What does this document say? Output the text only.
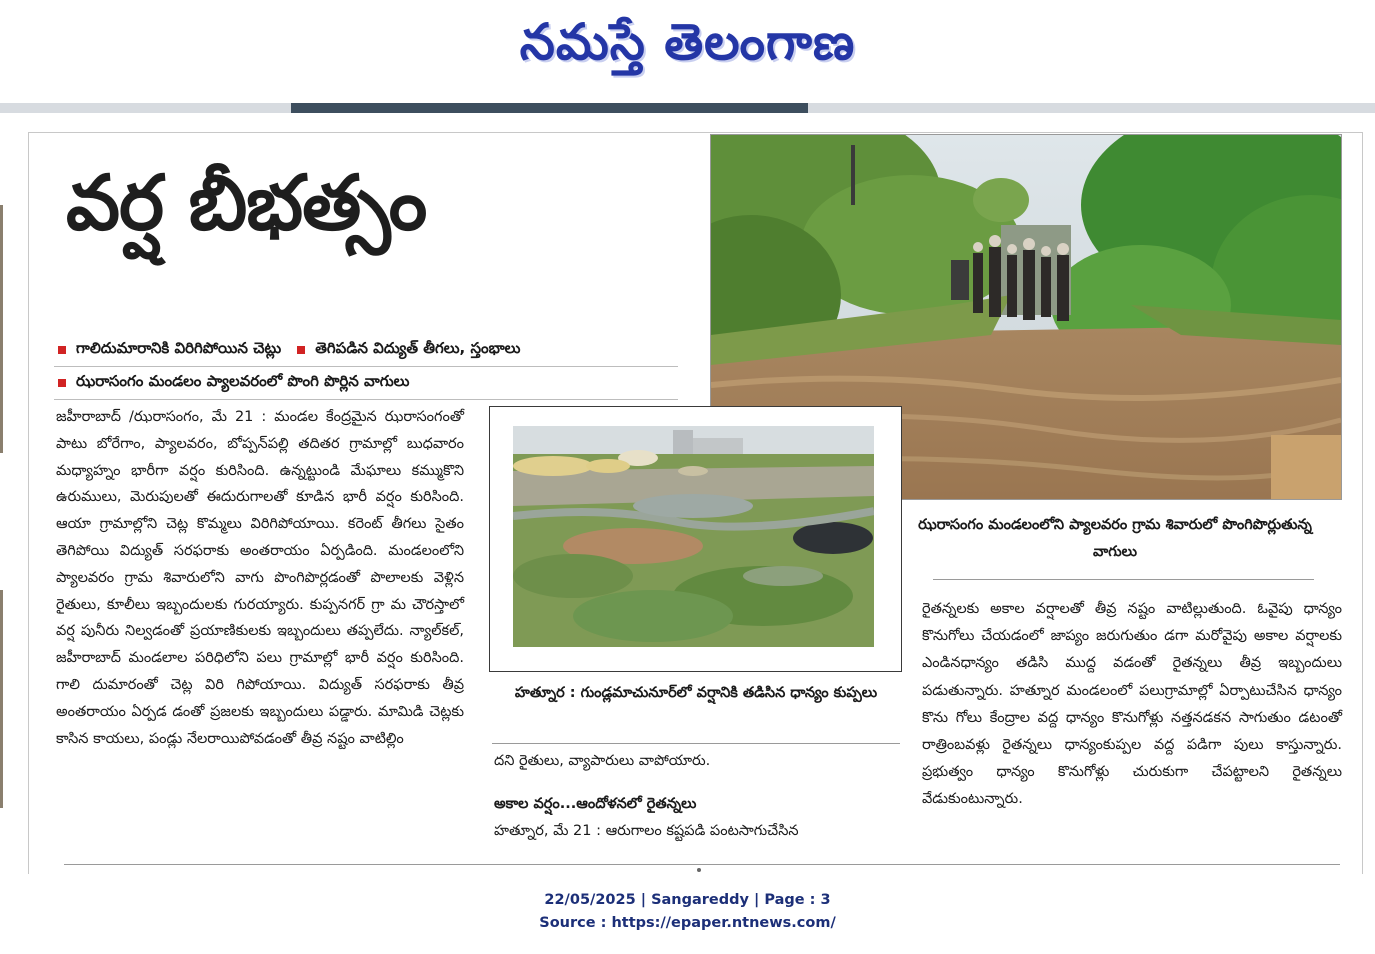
నమస్తే తెలంగాణ
వర్ష బీభత్సం
గాలిదుమారానికి విరిగిపోయిన చెట్లు తెగిపడిన విద్యుత్‌ తీగలు, స్తంభాలు
ఝరాసంగం మండలం ప్యాలవరంలో పొంగి పొర్లిన వాగులు

జహీరాబాద్‌ /ఝరాసంగం, మే 21 : మండల కేంద్రమైన ఝరాసంగంతో పాటు బోరేగాం, ప్యాలవరం, బోప్పన్‌పల్లి తదితర గ్రామాల్లో బుధవారం మధ్యాహ్నం భారీగా వర్షం కురిసింది. ఉన్నట్టుండి మేఘాలు కమ్ముకొని ఉరుములు, మెరుపులతో ఈదురుగాలతో కూడిన భారీ వర్షం కురిసింది. ఆయా గ్రామాల్లోని చెట్ల కొమ్మలు విరిగిపోయాయి. కరెంట్‌ తీగలు సైతం తెగిపోయి విద్యుత్‌ సరఫరాకు అంతరాయం ఏర్పడింది. మండలంలోని ప్యాలవరం గ్రామ శివారులోని వాగు పొంగిపొర్లడంతో పొలాలకు వెళ్లిన రైతులు, కూలీలు ఇబ్బందులకు గురయ్యారు. కుప్పనగర్‌ గ్రా మ చౌరస్తాలో వర్ష పునీరు నిల్వడంతో ప్రయాణికులకు ఇబ్బందులు తప్పలేదు. న్యాల్‌కల్‌, జహీరాబాద్‌ మండలాల పరిధిలోని పలు గ్రామాల్లో భారీ వర్షం కురిసింది. గాలి దుమారంతో చెట్ల విరి గిపోయాయి. విద్యుత్‌ సరఫరాకు తీవ్ర అంతరాయం ఏర్పడ డంతో ప్రజలకు ఇబ్బందులు పడ్డారు. మామిడి చెట్లకు కాసిన కాయలు, పండ్లు నేలరాయిపోవడంతో తీవ్ర నష్టం వాటిల్లిం

ఝరాసంగం మండలంలోని ప్యాలవరం గ్రామ శివారులో పొంగిపొర్లుతున్న వాగులు
హత్నూర : గుండ్లమాచునూర్‌లో వర్షానికి తడిసిన ధాన్యం కుప్పలు

దని రైతులు, వ్యాపారులు వాపోయారు.

అకాల వర్షం...ఆందోళనలో రైతన్నలు

హత్నూర, మే 21 : ఆరుగాలం కష్టపడి పంటసాగుచేసిన

రైతన్నలకు అకాల వర్షాలతో తీవ్ర నష్టం వాటిల్లుతుంది. ఓవైపు ధాన్యం కొనుగోలు చేయడంలో జాప్యం జరుగుతుం డగా మరోవైపు అకాల వర్షాలకు ఎండినధాన్యం తడిసి ముద్ద వడంతో రైతన్నలు తీవ్ర ఇబ్బందులు పడుతున్నారు. హత్నూర మండలంలో పలుగ్రామాల్లో ఏర్పాటుచేసిన ధాన్యం కొను గోలు కేంద్రాల వద్ద ధాన్యం కొనుగోళ్లు నత్తనడకన సాగుతుం డటంతో రాత్రింబవళ్లు రైతన్నలు ధాన్యంకుప్పల వద్ద పడిగా పులు కాస్తున్నారు. ప్రభుత్వం ధాన్యం కొనుగోళ్లు చురుకుగా చేపట్టాలని రైతన్నలు వేడుకుంటున్నారు.

22/05/2025 | Sangareddy | Page : 3
Source : https://epaper.ntnews.com/
